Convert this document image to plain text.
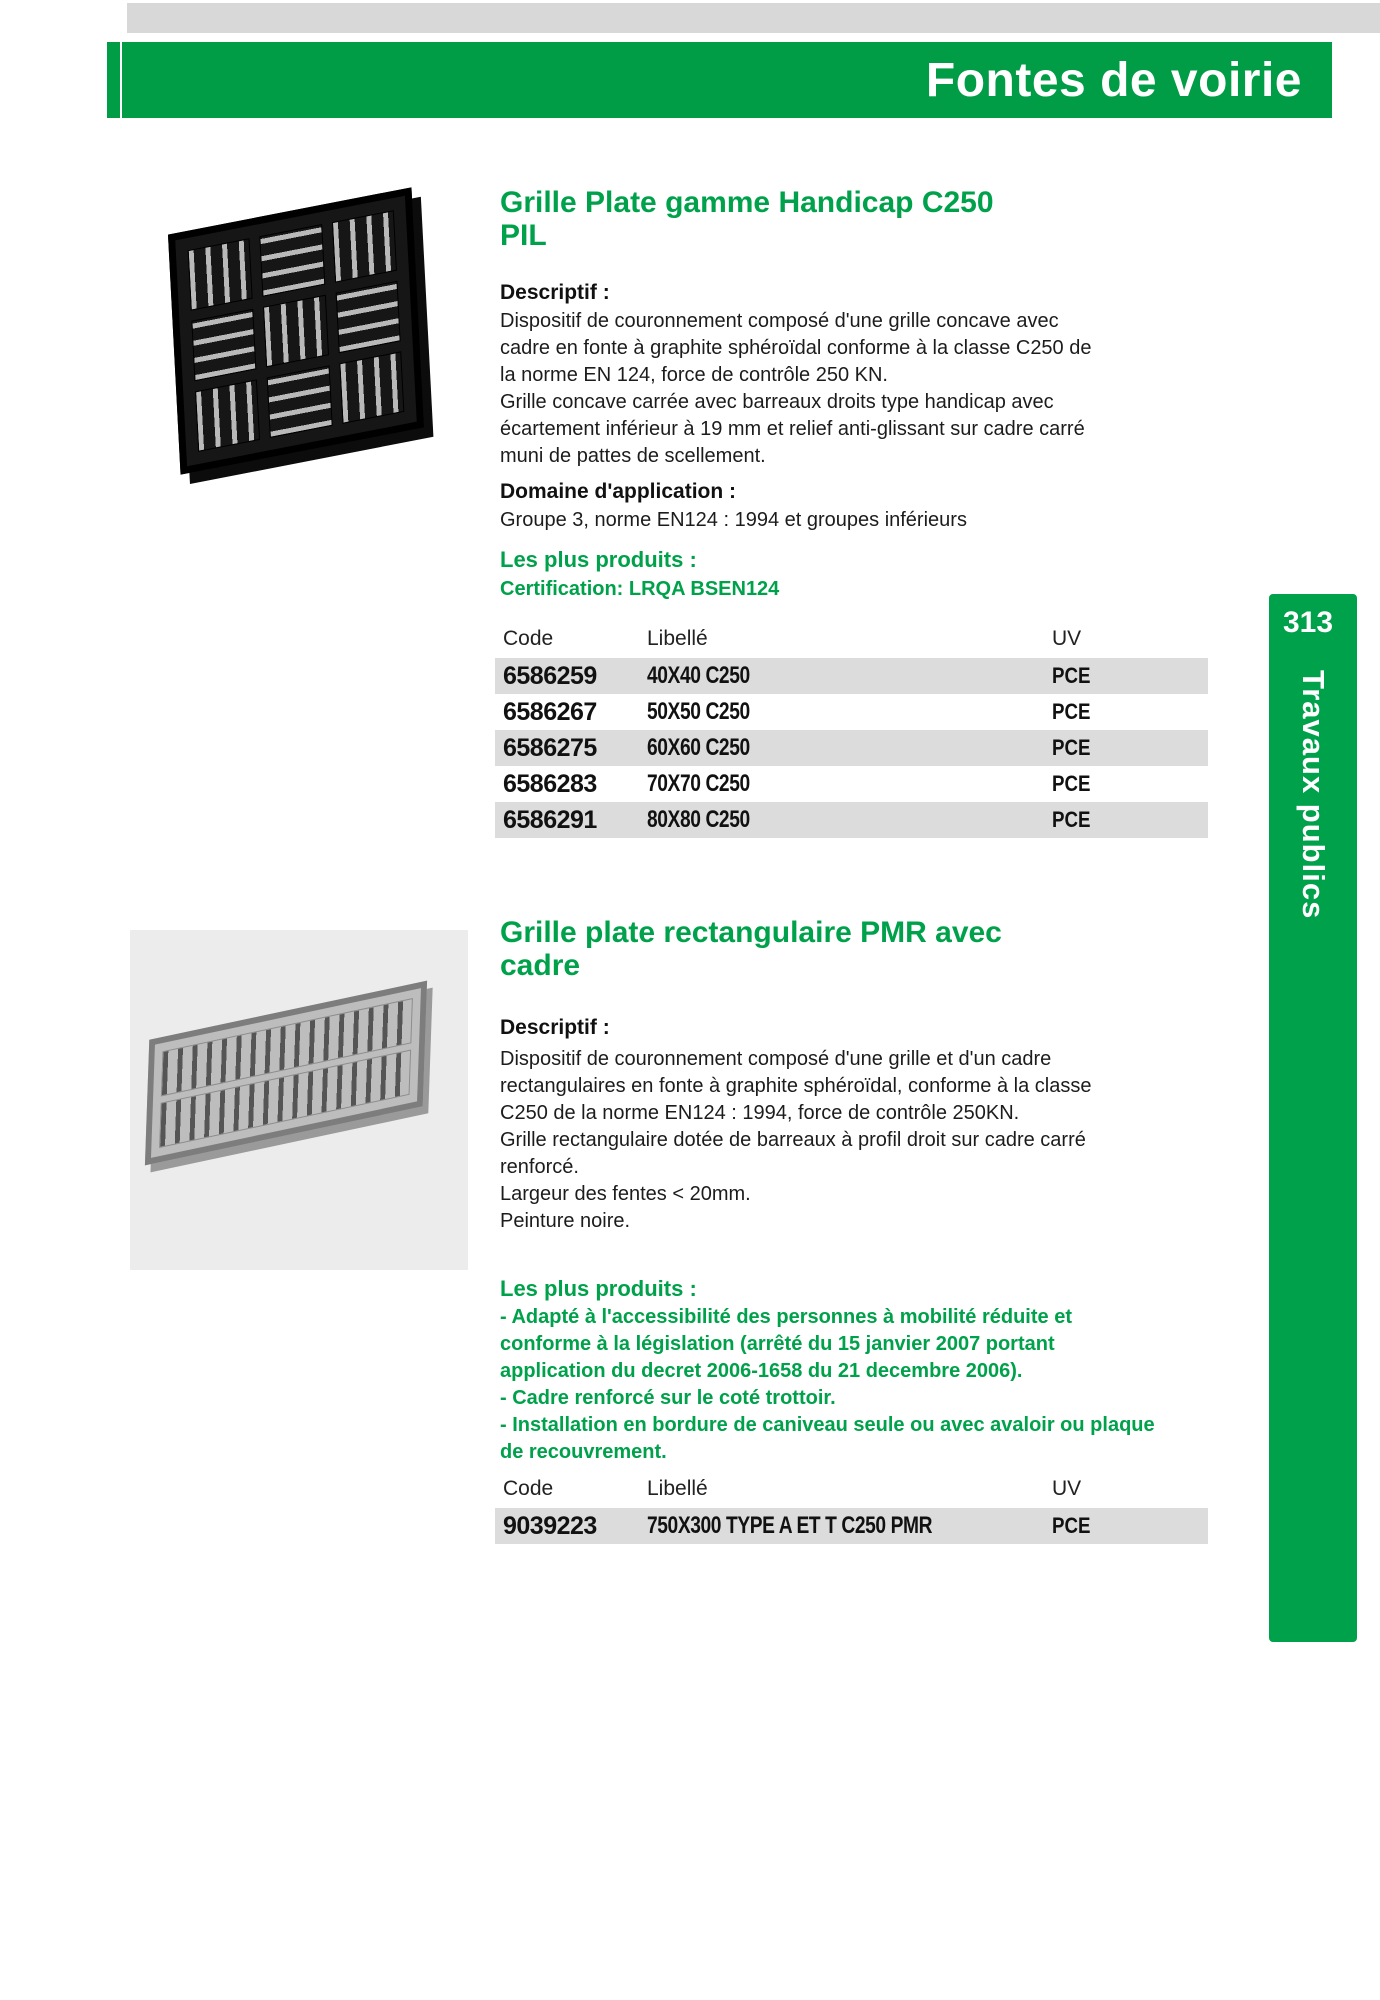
Fontes de voirie
313
Travaux publics
Grille Plate gamme Handicap C250
PIL
Descriptif :

Dispositif de couronnement composé d'une grille concave avec cadre en fonte à graphite sphéroïdal conforme à la classe C250 de la norme EN 124, force de contrôle 250 KN.

Grille concave carrée avec barreaux droits type handicap avec écartement inférieur à 19 mm et relief anti-glissant sur cadre carré muni de pattes de scellement.

Domaine d'application :
Groupe 3, norme EN124 : 1994 et groupes inférieurs
Les plus produits :

Certification: LRQA BSEN124

Code	Libellé	UV
6586259 40X40 C250	PCE
6586267 50X50 C250	PCE
6586275 60X60 C250	PCE
6586283 70X70 C250	PCE
6586291 80X80 C250	PCE
Grille plate rectangulaire PMR avec
cadre
Descriptif :

Dispositif de couronnement composé d'une grille et d'un cadre rectangulaires en fonte à graphite sphéroïdal, conforme à la classe C250 de la norme EN124 : 1994, force de contrôle 250KN.

Grille rectangulaire dotée de barreaux à profil droit sur cadre carré renforcé.

Largeur des fentes < 20mm.

Peinture noire.

Les plus produits :

- Adapté à l'accessibilité des personnes à mobilité réduite et conforme à la législation (arrêté du 15 janvier 2007 portant application du decret 2006-1658 du 21 decembre 2006).

- Cadre renforcé sur le coté trottoir.

- Installation en bordure de caniveau seule ou avec avaloir ou plaque de recouvrement.

Code	Libellé	UV
9039223 750X300 TYPE A ET T C250 PMR	PCE
